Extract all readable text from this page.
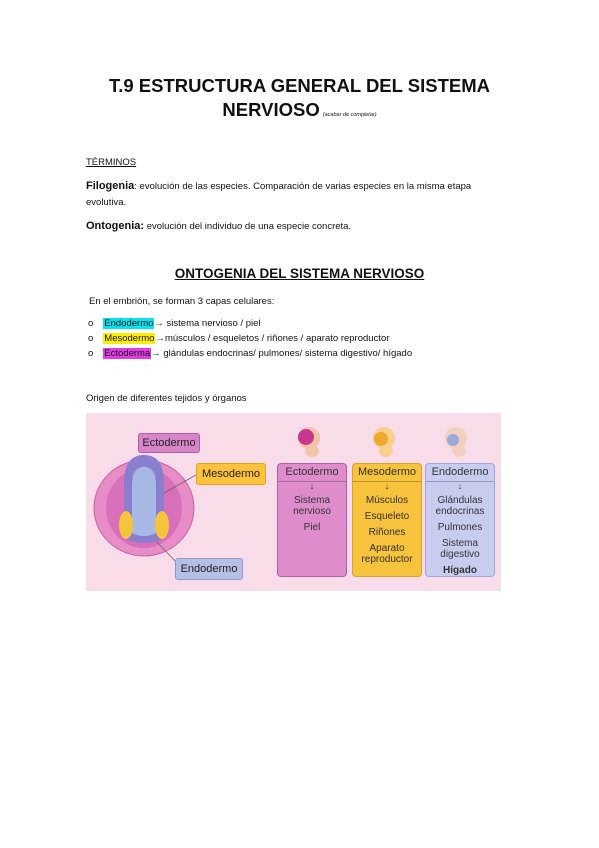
T.9 ESTRUCTURA GENERAL DEL SISTEMA
NERVIOSO (acabar de completar)
TÉRMINOS
Filogenia: evolución de las especies. Comparación de varias especies en la misma etapa
evolutiva.
Ontogenia: evolución del individuo de una especie concreta.
ONTOGENIA DEL SISTEMA NERVIOSO
En el embrión, se forman 3 capas celulares:
o Endodermo→ sistema nervioso / piel
o Mesodermo→músculos / esqueletos / riñones / aparato reproductor
o Ectoderma→ glándulas endocrinas/ pulmones/ sistema digestivo/ hígado
Origen de diferentes tejidos y órganos
Ectodermo
Mesodermo
Endodermo
Ectodermo
↓
Sistema nervioso
Piel
Mesodermo
↓
Músculos
Esqueleto
Riñones
Aparato reproductor
Endodermo
↓
Glándulas endocrinas
Pulmones
Sistema digestivo
Hígado
